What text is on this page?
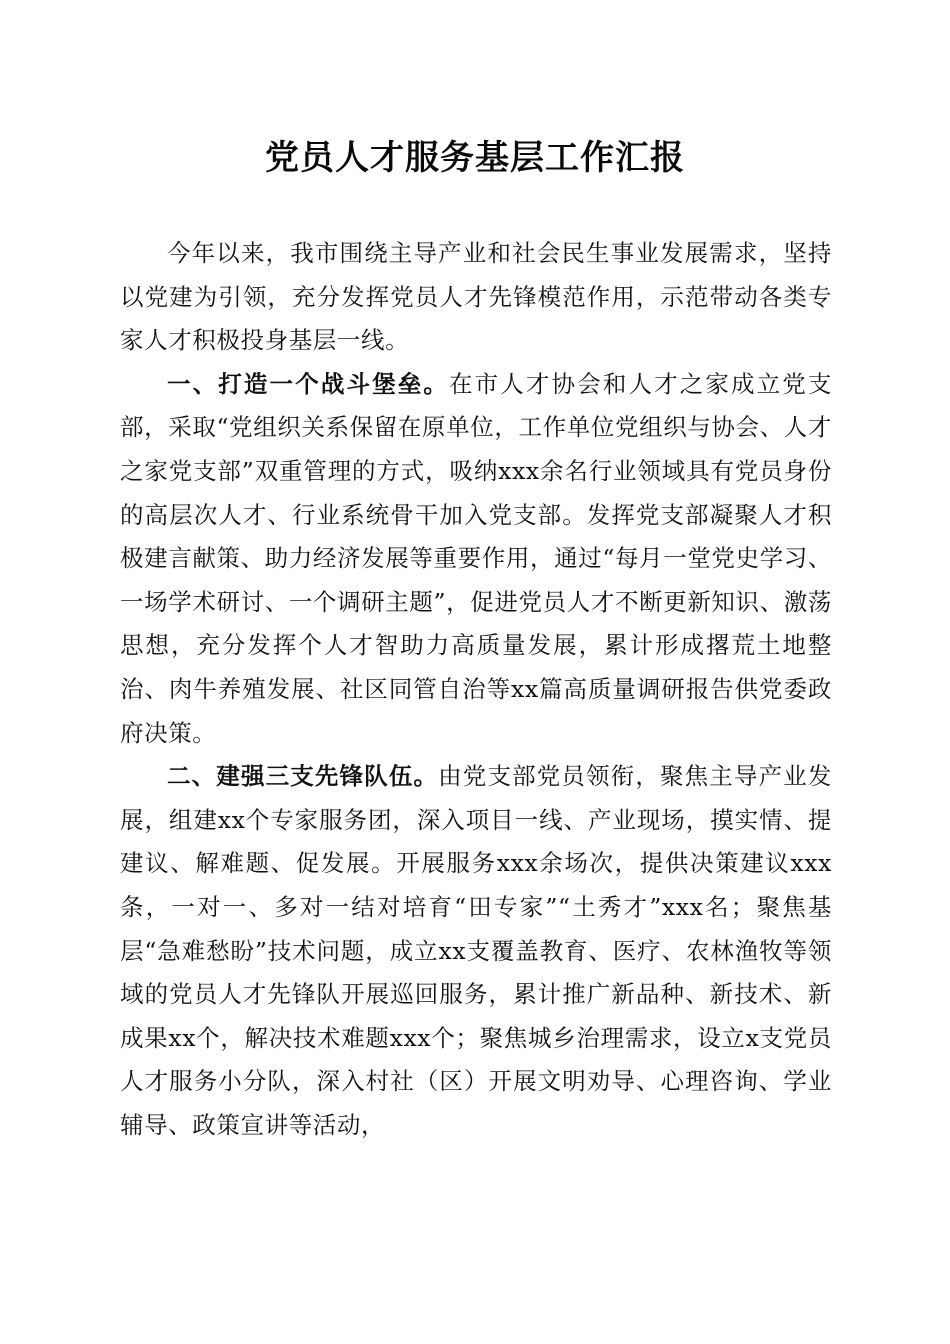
党员人才服务基层工作汇报

今年以来，我市围绕主导产业和社会民生事业发展需求，坚持以党建为引领，充分发挥党员人才先锋模范作用，示范带动各类专家人才积极投身基层一线。

一、打造一个战斗堡垒。在市人才协会和人才之家成立党支部，采取“党组织关系保留在原单位，工作单位党组织与协会、人才之家党支部”双重管理的方式，吸纳xxx余名行业领域具有党员身份的高层次人才、行业系统骨干加入党支部。发挥党支部凝聚人才积极建言献策、助力经济发展等重要作用，通过“每月一堂党史学习、一场学术研讨、一个调研主题”，促进党员人才不断更新知识、激荡思想，充分发挥个人才智助力高质量发展，累计形成撂荒土地整治、肉牛养殖发展、社区同管自治等xx篇高质量调研报告供党委政府决策。

二、建强三支先锋队伍。由党支部党员领衔，聚焦主导产业发展，组建xx个专家服务团，深入项目一线、产业现场，摸实情、提建议、解难题、促发展。开展服务xxx余场次，提供决策建议xxx条，一对一、多对一结对培育“田专家”“土秀才”xxx名；聚焦基层“急难愁盼”技术问题，成立xx支覆盖教育、医疗、农林渔牧等领域的党员人才先锋队开展巡回服务，累计推广新品种、新技术、新成果xx个，解决技术难题xxx个；聚焦城乡治理需求，设立x支党员人才服务小分队，深入村社（区）开展文明劝导、心理咨询、学业辅导、政策宣讲等活动，
